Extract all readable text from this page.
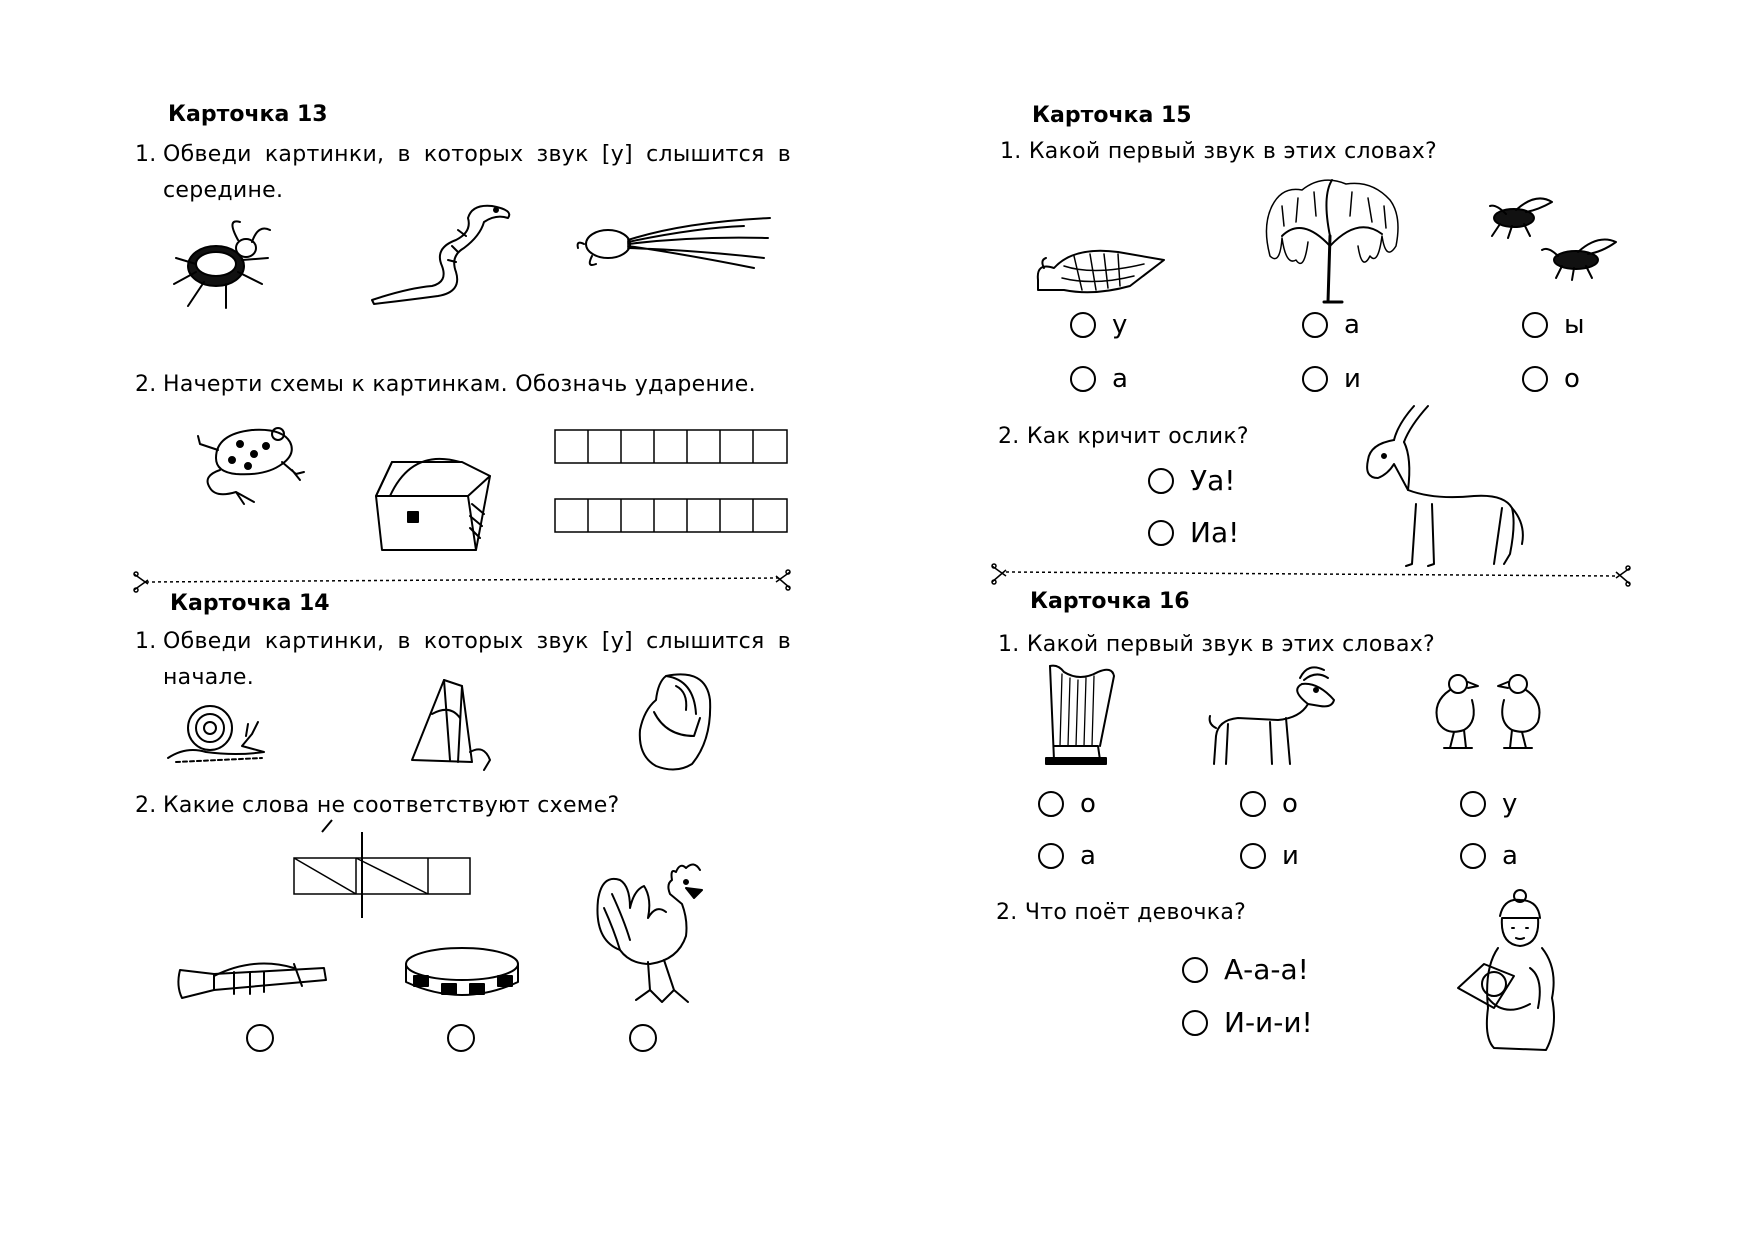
Карточка 13
1. Обведи картинки, в которых звук [у] слышится в середине.
2. Начерти схемы к картинкам. Обозначь ударение.
Карточка 14
1. Обведи картинки, в которых звук [у] слышится в начале.
2. Какие слова не соответствуют схеме?
Карточка 15
1. Какой первый звук в этих словах?
у
а
а
и
ы
о
2. Как кричит ослик?
Уа!
Иа!
Карточка 16
1. Какой первый звук в этих словах?
о
а
о
и
у
а
2. Что поёт девочка?
А-а-а!
И-и-и!
